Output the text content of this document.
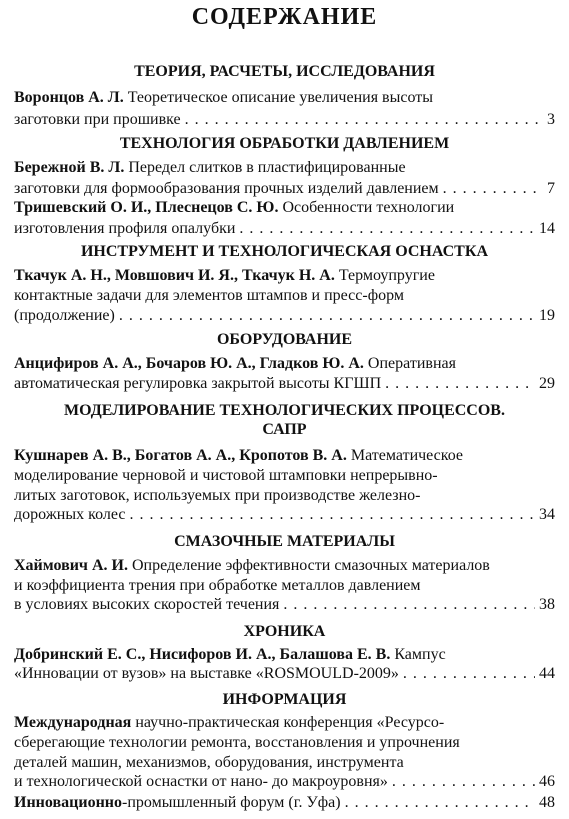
СОДЕРЖАНИЕ
ТЕОРИЯ, РАСЧЕТЫ, ИССЛЕДОВАНИЯ
Воронцов А. Л. Теоретическое описание увеличения высоты
заготовки при прошивке . . .	3
ТЕХНОЛОГИЯ ОБРАБОТКИ ДАВЛЕНИЕМ
Бережной В. Л. Передел слитков в пластифицированные
заготовки для формообразования прочных изделий давлением . . .	7
Тришевский О. И., Плеснецов С. Ю. Особенности технологии
изготовления профиля опалубки . . .	14
ИНСТРУМЕНТ И ТЕХНОЛОГИЧЕСКАЯ ОСНАСТКА
Ткачук А. Н., Мовшович И. Я., Ткачук Н. А. Термоупругие
контактные задачи для элементов штампов и пресс-форм
(продолжение) . . .	19
ОБОРУДОВАНИЕ
Анцифиров А. А., Бочаров Ю. А., Гладков Ю. А. Оперативная
автоматическая регулировка закрытой высоты КГШП . . .	29
МОДЕЛИРОВАНИЕ ТЕХНОЛОГИЧЕСКИХ ПРОЦЕССОВ.
САПР
Кушнарев А. В., Богатов А. А., Кропотов В. А. Математическое
моделирование черновой и чистовой штамповки непрерывно-
литых заготовок, используемых при производстве железно-
дорожных колес . . .	34
СМАЗОЧНЫЕ МАТЕРИАЛЫ
Хаймович А. И. Определение эффективности смазочных материалов
и коэффициента трения при обработке металлов давлением
в условиях высоких скоростей течения . . .	38
ХРОНИКА
Добринский Е. С., Нисифоров И. А., Балашова Е. В. Кампус
«Инновации от вузов» на выставке «ROSMOULD-2009» . . .	44
ИНФОРМАЦИЯ
Международная научно-практическая конференция «Ресурсо-
сберегающие технологии ремонта, восстановления и упрочнения
деталей машин, механизмов, оборудования, инструмента
и технологической оснастки от нано- до макроуровня» . . .	46
Инновационно-промышленный форум (г. Уфа) . . .	48
